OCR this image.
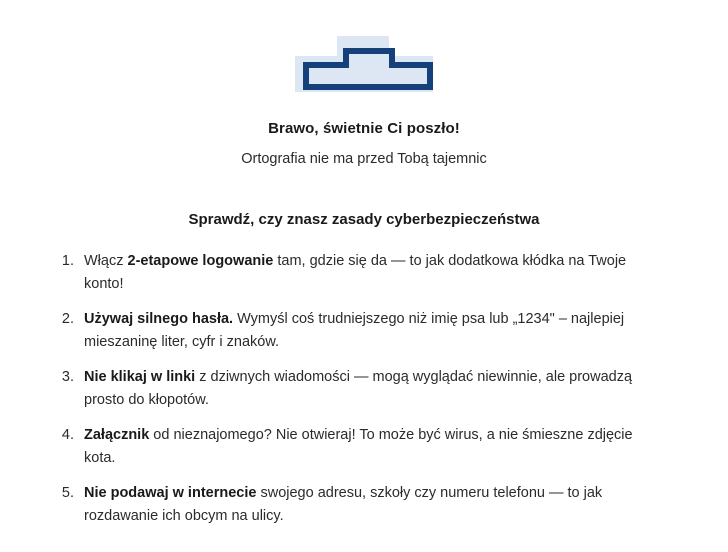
Brawo, świetnie Ci poszło!
Ortografia nie ma przed Tobą tajemnic
Sprawdź, czy znasz zasady cyberbezpieczeństwa
1. Włącz 2-etapowe logowanie tam, gdzie się da — to jak dodatkowa kłódka na Twoje konto!
2. Używaj silnego hasła. Wymyśl coś trudniejszego niż imię psa lub „1234" – najlepiej mieszaninę liter, cyfr i znaków.
3. Nie klikaj w linki z dziwnych wiadomości — mogą wyglądać niewinnie, ale prowadzą prosto do kłopotów.
4. Załącznik od nieznajomego? Nie otwieraj! To może być wirus, a nie śmieszne zdjęcie kota.
5. Nie podawaj w internecie swojego adresu, szkoły czy numeru telefonu — to jak rozdawanie ich obcym na ulicy.
